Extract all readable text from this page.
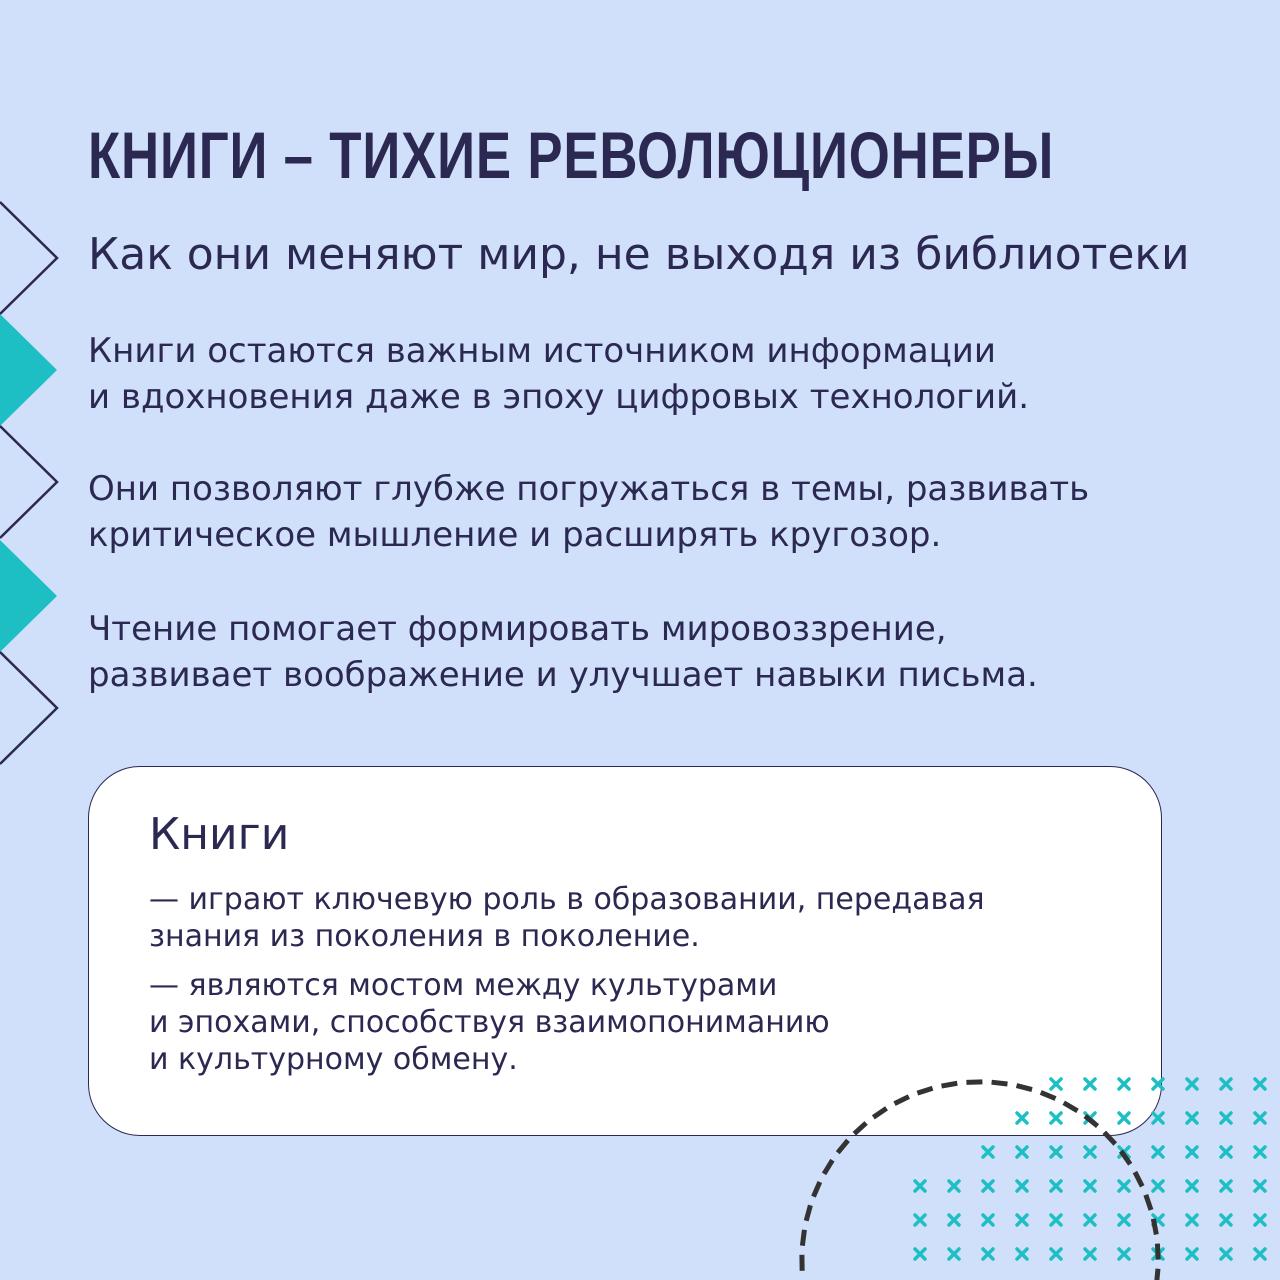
КНИГИ – ТИХИЕ РЕВОЛЮЦИОНЕРЫ
Как они меняют мир, не выходя из библиотеки

Книги остаются важным источником информации
и вдохновения даже в эпоху цифровых технологий.

Они позволяют глубже погружаться в темы, развивать
критическое мышление и расширять кругозор.

Чтение помогает формировать мировоззрение,
развивает воображение и улучшает навыки письма.

Книги

— играют ключевую роль в образовании, передавая
знания из поколения в поколение.

— являются мостом между культурами
и эпохами, способствуя взаимопониманию
и культурному обмену.
